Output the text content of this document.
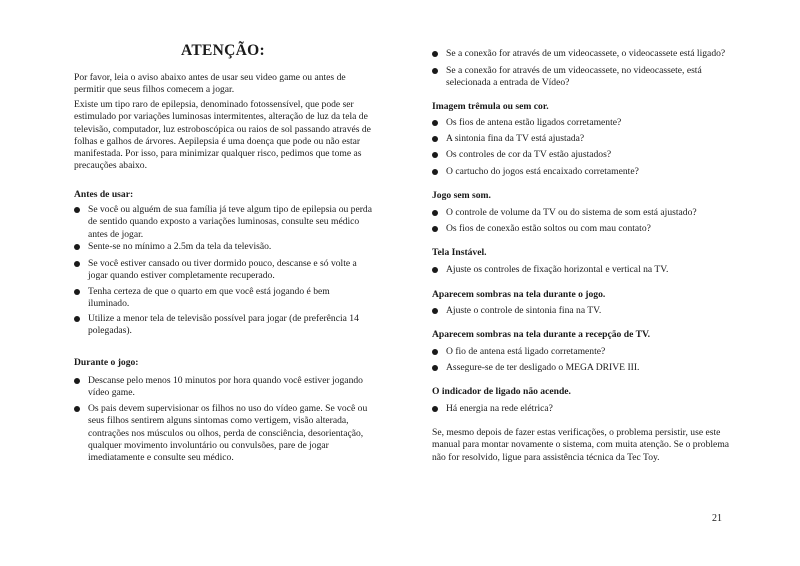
ATENÇÃO:

Por favor, leia o aviso abaixo antes de usar seu video game ou antes de permitir que seus filhos comecem a jogar.

Existe um tipo raro de epilepsia, denominado fotossensível, que pode ser estimulado por variações luminosas intermitentes, alteração de luz da tela de televisão, computador, luz estroboscópica ou raios de sol passando através de folhas e galhos de árvores. Aepilepsia é uma doença que pode ou não estar manifestada. Por isso, para minimizar qualquer risco, pedimos que tome as precauções abaixo.

Antes de usar:

Se você ou alguém de sua família já teve algum tipo de epilepsia ou perda de sentido quando exposto a variações luminosas, consulte seu médico antes de jogar.
Sente-se no mínimo a 2.5m da tela da televisão.
Se você estiver cansado ou tiver dormido pouco, descanse e só volte a jogar quando estiver completamente recuperado.
Tenha certeza de que o quarto em que você está jogando é bem iluminado.
Utilize a menor tela de televisão possível para jogar (de preferência 14 polegadas).

Durante o jogo:

Descanse pelo menos 10 minutos por hora quando você estiver jogando vídeo game.
Os pais devem supervisionar os filhos no uso do vídeo game. Se você ou seus filhos sentirem alguns sintomas como vertigem, visão alterada, contrações nos músculos ou olhos, perda de consciência, desorientação, qualquer movimento involuntário ou convulsões, pare de jogar imediatamente e consulte seu médico.
Se a conexão for através de um videocassete, o videocassete está ligado?
Se a conexão for através de um videocassete, no videocassete, está selecionada a entrada de Vídeo?

Imagem trêmula ou sem cor.

Os fios de antena estão ligados corretamente?
A sintonia fina da TV está ajustada?
Os controles de cor da TV estão ajustados?
O cartucho do jogos está encaixado corretamente?

Jogo sem som.

O controle de volume da TV ou do sistema de som está ajustado?
Os fios de conexão estão soltos ou com mau contato?

Tela Instável.

Ajuste os controles de fixação horizontal e vertical na TV.

Aparecem sombras na tela durante o jogo.

Ajuste o controle de sintonia fina na TV.

Aparecem sombras na tela durante a recepção de TV.

O fio de antena está ligado corretamente?
Assegure-se de ter desligado o MEGA DRIVE III.

O indicador de ligado não acende.

Há energia na rede elétrica?

Se, mesmo depois de fazer estas verificações, o problema persistir, use este manual para montar novamente o sistema, com muita atenção. Se o problema não for resolvido, ligue para assistência técnica da Tec Toy.

21
